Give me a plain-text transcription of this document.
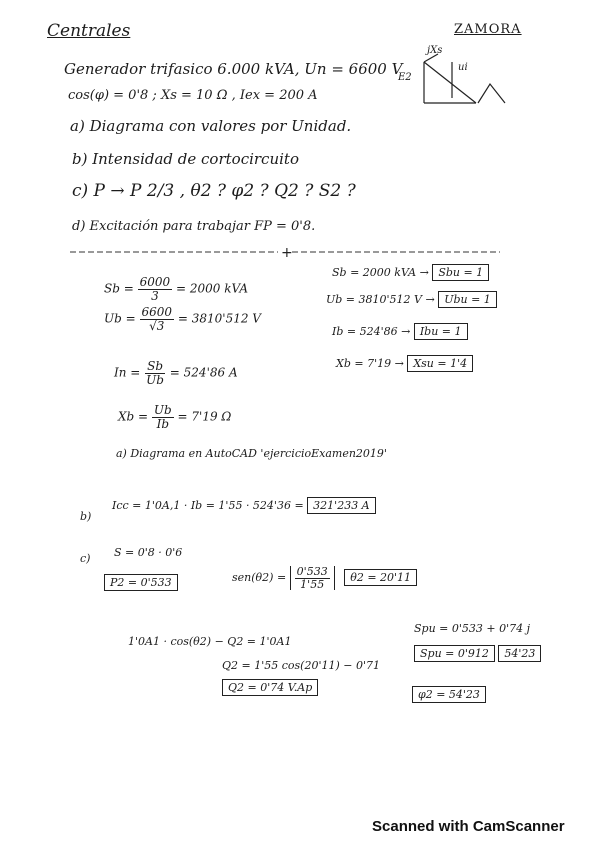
Centrales	ZAMORA
+
jXs
ui
E2
Generador trifasico 6.000 kVA, Un = 6600 V
cos(φ) = 0'8 ; Xs = 10 Ω , Iex = 200 A
a) Diagrama con valores por Unidad.
b) Intensidad de cortocircuito
c) P → P 2/3 , θ2 ? φ2 ? Q2 ? S2 ?
d) Excitación para trabajar FP = 0'8.
$Sb = \frac{6000}{3} = 2000$ kVA
$Ub = \frac{6600}{√3} = 3810'512$ V
$In = \frac{Sb}{Ub} = 524'86$ A
$Xb = \frac{Ub}{Ib} = 7'19$ Ω
Sb = 2000 kVA → Sbu = 1
Ub = 3810'512 V → Ubu = 1
Ib = 524'86 → Ibu = 1
Xb = 7'19 → Xsu = 1'4
a) Diagrama en AutoCAD 'ejercicioExamen2019'
b)
Icc = 1'0A,1 · Ib = 1'55 · 524'36 = 321'233 A
c) S = 0'8 · 0'6
P2 = 0'533	$sen(\theta 2) = \frac{0'533}{1'55} \theta 2 = 20'11$
1'0A1 · cos(θ2) − Q2 = 1'0A1
Q2 = 1'55 cos(20'11) − 0'71
Q2 = 0'74 V.Ap
Spu = 0'533 + 0'74 j
Spu = 0'912 54'23
φ2 = 54'23
Scanned with CamScanner
